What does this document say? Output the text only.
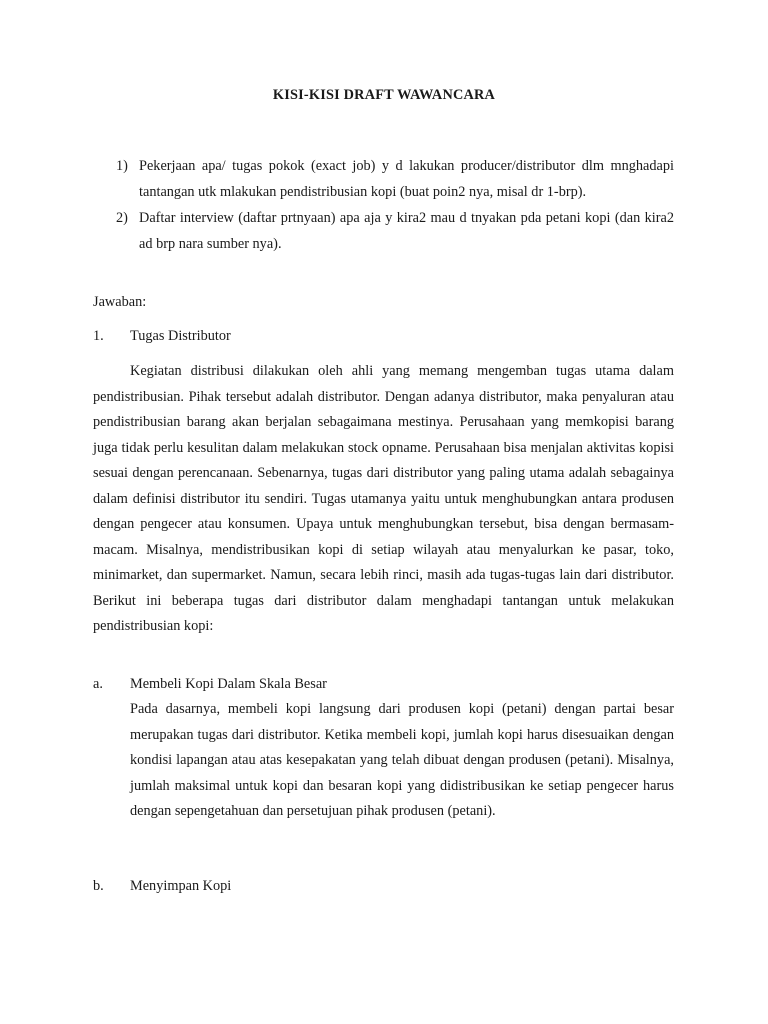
KISI-KISI DRAFT WAWANCARA

1) Pekerjaan apa/ tugas pokok (exact job) y d lakukan producer/distributor dlm mnghadapi tantangan utk mlakukan pendistribusian kopi (buat poin2 nya, misal dr 1-brp).

2) Daftar interview (daftar prtnyaan) apa aja y kira2 mau d tnyakan pda petani kopi (dan kira2 ad brp nara sumber nya).

Jawaban:
1. Tugas Distributor

Kegiatan distribusi dilakukan oleh ahli yang memang mengemban tugas utama dalam pendistribusian. Pihak tersebut adalah distributor. Dengan adanya distributor, maka penyaluran atau pendistribusian barang akan berjalan sebagaimana mestinya. Perusahaan yang memkopisi barang juga tidak perlu kesulitan dalam melakukan stock opname. Perusahaan bisa menjalan aktivitas kopisi sesuai dengan perencanaan. Sebenarnya, tugas dari distributor yang paling utama adalah sebagainya dalam definisi distributor itu sendiri. Tugas utamanya yaitu untuk menghubungkan antara produsen dengan pengecer atau konsumen. Upaya untuk menghubungkan tersebut, bisa dengan bermasam-macam. Misalnya, mendistribusikan kopi di setiap wilayah atau menyalurkan ke pasar, toko, minimarket, dan supermarket. Namun, secara lebih rinci, masih ada tugas-tugas lain dari distributor. Berikut ini beberapa tugas dari distributor dalam menghadapi tantangan untuk melakukan pendistribusian kopi:

a. Membeli Kopi Dalam Skala Besar

Pada dasarnya, membeli kopi langsung dari produsen kopi (petani) dengan partai besar merupakan tugas dari distributor. Ketika membeli kopi, jumlah kopi harus disesuaikan dengan kondisi lapangan atau atas kesepakatan yang telah dibuat dengan produsen (petani). Misalnya, jumlah maksimal untuk kopi dan besaran kopi yang didistribusikan ke setiap pengecer harus dengan sepengetahuan dan persetujuan pihak produsen (petani).

b. Menyimpan Kopi
